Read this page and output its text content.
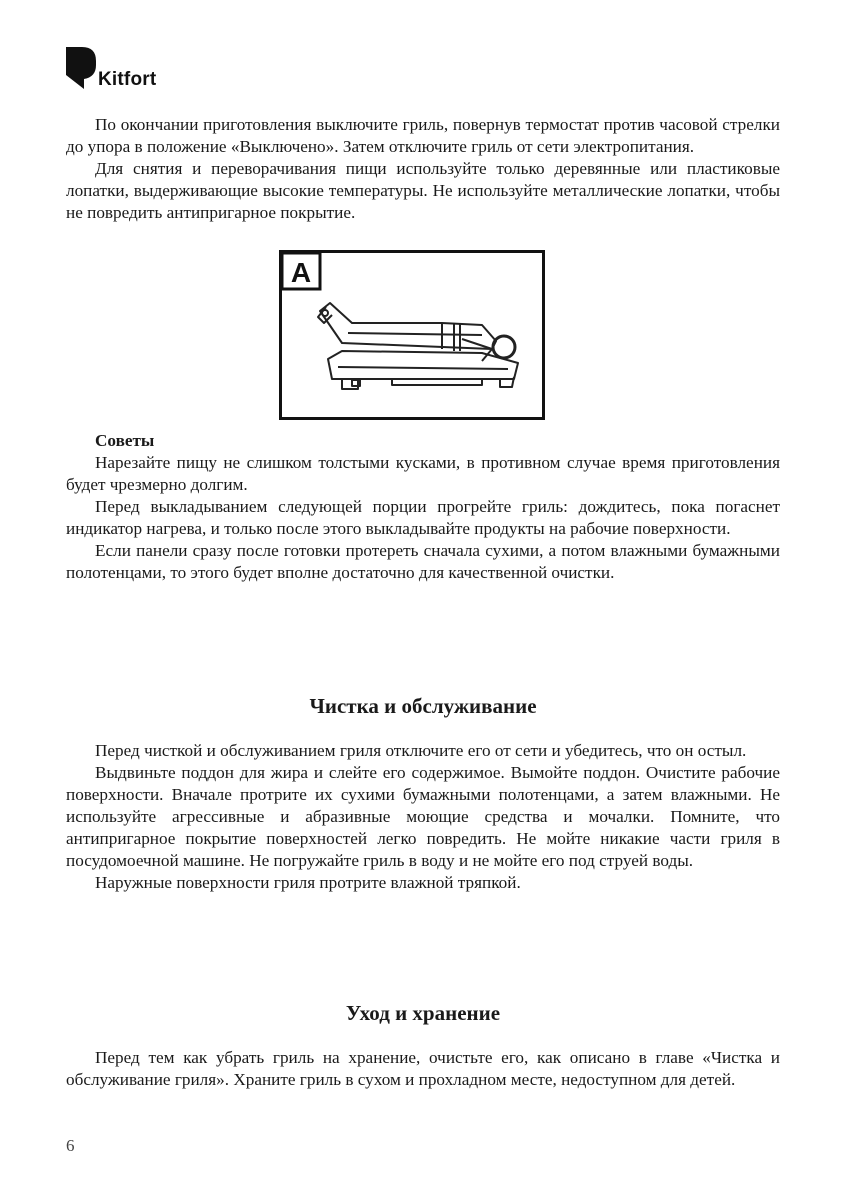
Kitfort

По окончании приготовления выключите гриль, повернув термостат против часовой стрелки до упора в положение «Выключено». Затем отключите гриль от сети электропитания.

Для снятия и переворачивания пищи используйте только деревянные или пластиковые лопатки, выдерживающие высокие температуры. Не используйте металлические лопатки, чтобы не повредить антипригарное покрытие.

A

Советы

Нарезайте пищу не слишком толстыми кусками, в противном случае время приготовления будет чрезмерно долгим.

Перед выкладыванием следующей порции прогрейте гриль: дождитесь, пока погаснет индикатор нагрева, и только после этого выкладывайте продукты на рабочие поверхности.

Если панели сразу после готовки протереть сначала сухими, а потом влажными бумажными полотенцами, то этого будет вполне достаточно для качественной очистки.

Чистка и обслуживание

Перед чисткой и обслуживанием гриля отключите его от сети и убедитесь, что он остыл.

Выдвиньте поддон для жира и слейте его содержимое. Вымойте поддон. Очистите рабочие поверхности. Вначале протрите их сухими бумажными полотенцами, а затем влажными. Не используйте агрессивные и абразивные моющие средства и мочалки. Помните, что антипригарное покрытие поверхностей легко повредить. Не мойте никакие части гриля в посудомоечной машине. Не погружайте гриль в воду и не мойте его под струей воды.

Наружные поверхности гриля протрите влажной тряпкой.

Уход и хранение

Перед тем как убрать гриль на хранение, очистьте его, как описано в главе «Чистка и обслуживание гриля». Храните гриль в сухом и прохладном месте, недоступном для детей.

6
